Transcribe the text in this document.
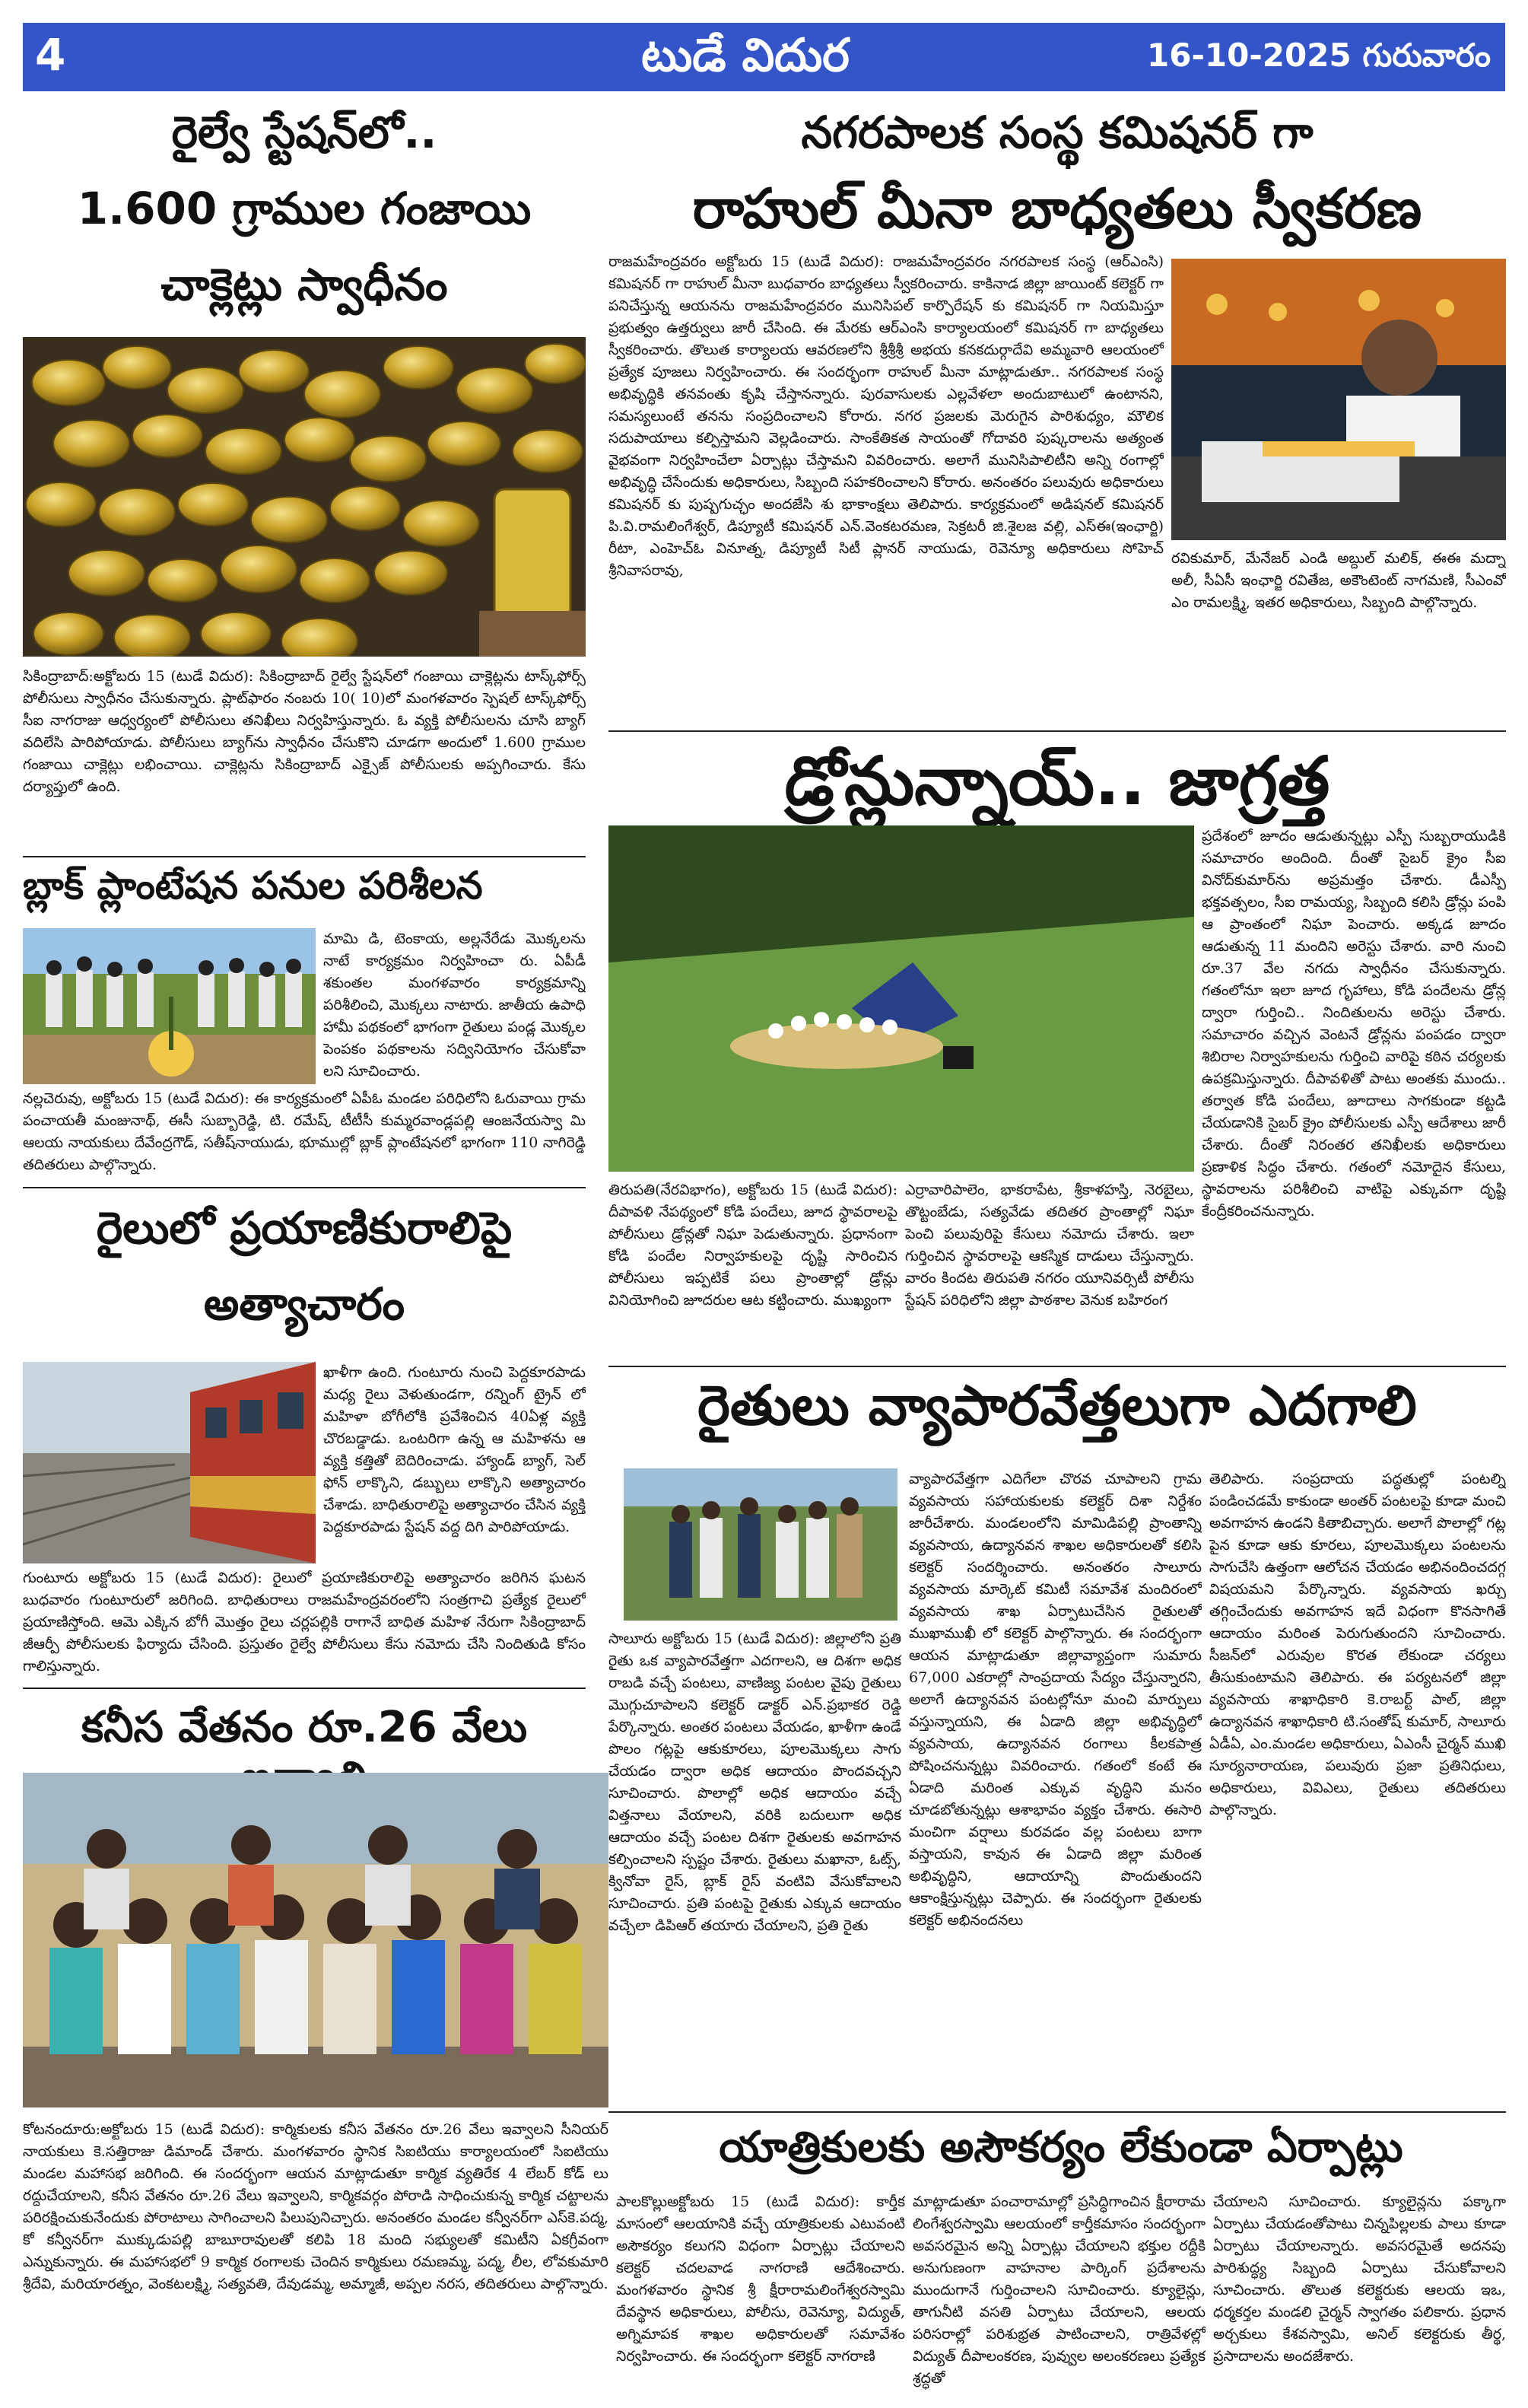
4	టుడే విదుర	16-10-2025 గురువారం
రైల్వే స్టేషన్‌లో..
1.600 గ్రాముల గంజాయి
చాక్లెట్లు స్వాధీనం
సికింద్రాబాద్:అక్టోబరు 15 (టుడే విదుర): సికింద్రాబాద్ రైల్వే స్టేషన్‌లో గంజాయి చాక్లెట్లను టాస్క్‌ఫోర్స్ పోలీసులు స్వాధీనం చేసుకున్నారు. ప్లాట్‌ఫారం నంబరు 10( 10)లో మంగళవారం స్పెషల్ టాస్క్‌ఫోర్స్ సీఐ నాగరాజు ఆధ్వర్యంలో పోలీసులు తనిఖీలు నిర్వహిస్తున్నారు. ఓ వ్యక్తి పోలీసులను చూసి బ్యాగ్ వదిలేసి పారిపోయాడు. పోలీసులు బ్యాగ్‌ను స్వాధీనం చేసుకొని చూడగా అందులో 1.600 గ్రాముల గంజాయి చాక్లెట్లు లభించాయి. చాక్లెట్లను సికింద్రాబాద్ ఎక్సైజ్ పోలీసులకు అప్పగించారు. కేసు దర్యాప్తులో ఉంది.
బ్లాక్ ప్లాంటేషన పనుల పరిశీలన
మామి డి, టెంకాయ, అల్లనేరేడు మొక్కలను నాటే కార్యక్రమం నిర్వహించా రు. ఏపీడీ శకుంతల మంగళవారం కార్యక్రమాన్ని పరిశీలించి, మొక్కలు నాటారు. జాతీయ ఉపాధి హామీ పథకంలో భాగంగా రైతులు పండ్ల మొక్కల పెంపకం పథకాలను సద్వినియోగం చేసుకోవా లని సూచించారు.
నల్లచెరువు, అక్టోబరు 15 (టుడే విదుర): ఈ కార్యక్రమంలో ఏపీఓ మండల పరిధిలోని ఓరువాయి గ్రామ పంచాయతీ మంజునాథ్, ఈసీ సుబ్బారెడ్డి, టి. రమేష్, టీటీసీ కుమ్మరవాండ్లపల్లి ఆంజనేయస్వా మి ఆలయ నాయకులు దేవేంద్రగౌడ్, సతీష్‌నాయుడు, భూముల్లో బ్లాక్ ప్లాంటేషనలో భాగంగా 110 నాగిరెడ్డి తదితరులు పాల్గొన్నారు.
రైలులో ప్రయాణికురాలిపై
అత్యాచారం
ఖాళీగా ఉంది. గుంటూరు నుంచి పెద్దకూరపాడు మధ్య రైలు వెళుతుండగా, రన్నింగ్ ట్రైన్ లో మహిళా బోగీలోకి ప్రవేశించిన 40ఏళ్ల వ్యక్తి చొరబడ్డాడు. ఒంటరిగా ఉన్న ఆ మహిళను ఆ వ్యక్తి కత్తితో బెదిరించాడు. హ్యాండ్ బ్యాగ్, సెల్ ఫోన్ లాక్కొని, డబ్బులు లాక్కొని అత్యాచారం చేశాడు. బాధితురాలిపై అత్యాచారం చేసిన వ్యక్తి పెద్దకూరపాడు స్టేషన్ వద్ద దిగి పారిపోయాడు.
గుంటూరు అక్టోబరు 15 (టుడే విదుర): రైలులో ప్రయాణికురాలిపై అత్యాచారం జరిగిన ఘటన బుధవారం గుంటూరులో జరిగింది. బాధితురాలు రాజమహేంద్రవరంలోని సంత్రగాచి ప్రత్యేక రైలులో ప్రయాణిస్తోంది. ఆమె ఎక్కిన బోగీ మొత్తం రైలు చర్లపల్లికి రాగానే బాధిత మహిళ నేరుగా సికింద్రాబాద్ జీఆర్పీ పోలీసులకు ఫిర్యాదు చేసింది. ప్రస్తుతం రైల్వే పోలీసులు కేసు నమోదు చేసి నిందితుడి కోసం గాలిస్తున్నారు.
కనీస వేతనం రూ.26 వేలు
కోటనందూరు:అక్టోబరు 15 (టుడే విదుర): కార్మికులకు కనీస వేతనం రూ.26 వేలు ఇవ్వాలని సీనియర్ నాయకులు కె.సత్తిరాజు డిమాండ్ చేశారు. మంగళవారం స్థానిక సిఐటియు కార్యాలయంలో సిఐటియు మండల మహాసభ జరిగింది. ఈ సందర్భంగా ఆయన మాట్లాడుతూ కార్మిక వ్యతిరేక 4 లేబర్ కోడ్ లు రద్దుచేయాలని, కనీస వేతనం రూ.26 వేలు ఇవ్వాలని, కార్మికవర్గం పోరాడి సాధించుకున్న కార్మిక చట్టాలను పరిరక్షించుకునేందుకు పోరాటాలు సాగించాలని పిలుపునిచ్చారు. అనంతరం మండల కన్వీనర్‌గా ఎస్‌కె.పద్మ, కో కన్వీనర్‌గా ముక్కుడుపల్లి బాబూరావులతో కలిపి 18 మంది సభ్యులతో కమిటీని ఏకగ్రీవంగా ఎన్నుకున్నారు. ఈ మహాసభలో 9 కార్మిక రంగాలకు చెందిన కార్మికులు రమణమ్మ, పద్మ, లీల, లోవకుమారి శ్రీదేవి, మరియారత్నం, వెంకటలక్ష్మి, సత్యవతి, దేవుడమ్మ, అమ్మాజీ, అప్పల నరస, తదితరులు పాల్గొన్నారు.
నగరపాలక సంస్థ కమిషనర్ గా
రాహుల్ మీనా బాధ్యతలు స్వీకరణ
రాజమహేంద్రవరం అక్టోబరు 15 (టుడే విదుర): రాజమహేంద్రవరం నగరపాలక సంస్థ (ఆర్ఎంసి) కమిషనర్ గా రాహుల్ మీనా బుధవారం బాధ్యతలు స్వీకరించారు. కాకినాడ జిల్లా జాయింట్ కలెక్టర్ గా పనిచేస్తున్న ఆయనను రాజమహేంద్రవరం మునిసిపల్ కార్పొరేషన్ కు కమిషనర్ గా నియమిస్తూ ప్రభుత్వం ఉత్తర్వులు జారీ చేసింది. ఈ మేరకు ఆర్ఎంసి కార్యాలయంలో కమిషనర్ గా బాధ్యతలు స్వీకరించారు. తొలుత కార్యాలయ ఆవరణలోని శ్రీశ్రీశ్రీ అభయ కనకదుర్గాదేవి అమ్మవారి ఆలయంలో ప్రత్యేక పూజలు నిర్వహించారు. ఈ సందర్భంగా రాహుల్ మీనా మాట్లాడుతూ.. నగరపాలక సంస్థ అభివృద్ధికి తనవంతు కృషి చేస్తానన్నారు. పురవాసులకు ఎల్లవేళలా అందుబాటులో ఉంటానని, సమస్యలుంటే తనను సంప్రదించాలని కోరారు. నగర ప్రజలకు మెరుగైన పారిశుధ్యం, మౌలిక సదుపాయాలు కల్పిస్తామని వెల్లడించారు. సాంకేతికత సాయంతో గోదావరి పుష్కరాలను అత్యంత వైభవంగా నిర్వహించేలా ఏర్పాట్లు చేస్తామని వివరించారు. అలాగే మునిసిపాలిటీని అన్ని రంగాల్లో అభివృద్ధి చేసేందుకు అధికారులు, సిబ్బంది సహకరించాలని కోరారు. అనంతరం పలువురు అధికారులు కమిషనర్ కు పుష్పగుచ్ఛం అందజేసి శు భాకాంక్షలు తెలిపారు. కార్యక్రమంలో అడిషనల్ కమిషనర్ పి.వి.రామలింగేశ్వర్, డిప్యూటీ కమిషనర్ ఎన్.వెంకటరమణ, సెక్రటరీ జి.శైలజ వల్లి, ఎస్ఈ(ఇంఛార్జి) రీటా, ఎంహెచ్ఓ వినూత్న, డిప్యూటీ సిటీ ప్లానర్ నాయుడు, రెవెన్యూ అధికారులు సోహెచ్ శ్రీనివాసరావు,
రవికుమార్, మేనేజర్ ఎండి అబ్దుల్ మలిక్, ఈఈ మద్నా అలీ, సీఏసీ ఇంఛార్జి రవితేజ, అకౌంటెంట్ నాగమణి, సీఎంవో ఎం రామలక్ష్మి, ఇతర అధికారులు, సిబ్బంది పాల్గొన్నారు.
డ్రోన్లున్నాయ్‌.. జాగ్రత్త
ప్రదేశంలో జూదం ఆడుతున్నట్లు ఎస్పీ సుబ్బరాయుడికి సమాచారం అందింది. దీంతో సైబర్ క్రైం సీఐ వినోద్‌కుమార్‌ను అప్రమత్తం చేశారు. డీఎస్పీ భక్తవత్సలం, సీఐ రామయ్య, సిబ్బంది కలిసి డ్రోన్లు పంపి ఆ ప్రాంతంలో నిఘా పెంచారు. అక్కడ జూదం ఆడుతున్న 11 మందిని అరెస్టు చేశారు. వారి నుంచి రూ.37 వేల నగదు స్వాధీనం చేసుకున్నారు. గతంలోనూ ఇలా జూద గృహాలు, కోడి పందేలను డ్రోన్ల ద్వారా గుర్తించి.. నిందితులను అరెస్టు చేశారు. సమాచారం వచ్చిన వెంటనే డ్రోన్లను పంపడం ద్వారా శిబిరాల నిర్వాహకులను గుర్తించి వారిపై కఠిన చర్యలకు ఉపక్రమిస్తున్నారు. దీపావళితో పాటు అంతకు ముందు.. తర్వాత కోడి పందేలు, జూదాలు సాగకుండా కట్టడి చేయడానికి సైబర్ క్రైం పోలీసులకు ఎస్పీ ఆదేశాలు జారీ చేశారు. దీంతో నిరంతర తనిఖీలకు అధికారులు ప్రణాళిక సిద్ధం చేశారు. గతంలో నమోదైన కేసులు, స్థావరాలను పరిశీలించి వాటిపై ఎక్కువగా దృష్టి కేంద్రీకరించనున్నారు.
తిరుపతి(నేరవిభాగం), అక్టోబరు 15 (టుడే విదుర): దీపావళి నేపథ్యంలో కోడి పందేలు, జూద స్థావరాలపై పోలీసులు డ్రోన్లతో నిఘా పెడుతున్నారు. ప్రధానంగా కోడి పందేల నిర్వాహకులపై దృష్టి సారించిన పోలీసులు ఇప్పటికే పలు ప్రాంతాల్లో డ్రోన్లు వినియోగించి జూదరుల ఆట కట్టించారు. ముఖ్యంగా
ఎర్రావారిపాలెం, భాకరాపేట, శ్రీకాళహస్తి, నెరబైలు, తొట్టంబేడు, సత్యవేడు తదితర ప్రాంతాల్లో నిఘా పెంచి పలువురిపై కేసులు నమోదు చేశారు. ఇలా గుర్తించిన స్థావరాలపై ఆకస్మిక దాడులు చేస్తున్నారు. వారం కిందట తిరుపతి నగరం యూనివర్సిటీ పోలీసు స్టేషన్ పరిధిలోని జిల్లా పాఠశాల వెనుక బహిరంగ
రైతులు వ్యాపారవేత్తలుగా ఎదగాలి
సాలూరు అక్టోబరు 15 (టుడే విదుర): జిల్లాలోని ప్రతి రైతు ఒక వ్యాపారవేత్తగా ఎదగాలని, ఆ దిశగా అధిక రాబడి వచ్చే పంటలు, వాణిజ్య పంటల వైపు రైతులు మొగ్గుచూపాలని కలెక్టర్ డాక్టర్ ఎన్.ప్రభాకర రెడ్డి పేర్కొన్నారు. అంతర పంటలు వేయడం, ఖాళీగా ఉండే పొలం గట్లపై ఆకుకూరలు, పూలమొక్కలు సాగు చేయడం ద్వారా అధిక ఆదాయం పొందవచ్చని సూచించారు. పొలాల్లో అధిక ఆదాయం వచ్చే విత్తనాలు వేయాలని, వరికి బదులుగా అధిక ఆదాయం వచ్చే పంటల దిశగా రైతులకు అవగాహన కల్పించాలని స్పష్టం చేశారు. రైతులు మఖానా, ఓట్స్, క్వినోవా రైస్, బ్లాక్ రైస్ వంటివి వేసుకోవాలని సూచించారు. ప్రతి పంటపై రైతుకు ఎక్కువ ఆదాయం వచ్చేలా డిపిఆర్ తయారు చేయాలని, ప్రతి రైతు
వ్యాపారవేత్తగా ఎదిగేలా చొరవ చూపాలని గ్రామ వ్యవసాయ సహాయకులకు కలెక్టర్ దిశా నిర్దేశం జారీచేశారు. మండలంలోని మామిడిపల్లి ప్రాంతాన్ని వ్యవసాయ, ఉద్యానవన శాఖల అధికారులతో కలిసి కలెక్టర్ సందర్శించారు. అనంతరం సాలూరు వ్యవసాయ మార్కెట్ కమిటీ సమావేశ మందిరంలో వ్యవసాయ శాఖ ఏర్పాటుచేసిన రైతులతో ముఖాముఖీ లో కలెక్టర్ పాల్గొన్నారు. ఈ సందర్భంగా ఆయన మాట్లాడుతూ జిల్లావ్యాప్తంగా సుమారు 67,000 ఎకరాల్లో సాంప్రదాయ సేద్యం చేస్తున్నారని, అలాగే ఉద్యానవన పంటల్లోనూ మంచి మార్పులు వస్తున్నాయని, ఈ ఏడాది జిల్లా అభివృద్ధిలో వ్యవసాయ, ఉద్యానవన రంగాలు కీలకపాత్ర పోషించనున్నట్లు వివరించారు. గతంలో కంటే ఈ ఏడాది మరింత ఎక్కువ వృద్ధిని మనం చూడబోతున్నట్లు ఆశాభావం వ్యక్తం చేశారు. ఈసారి మంచిగా వర్షాలు కురవడం వల్ల పంటలు బాగా వస్తాయని, కావున ఈ ఏడాది జిల్లా మరింత అభివృద్ధిని, ఆదాయాన్ని పొందుతుందని ఆకాంక్షిస్తున్నట్లు చెప్పారు. ఈ సందర్భంగా రైతులకు కలెక్టర్ అభినందనలు
తెలిపారు. సంప్రదాయ పద్ధతుల్లో పంటల్ని పండించడమే కాకుండా అంతర్ పంటలపై కూడా మంచి అవగాహన ఉండని కితాబిచ్చారు. అలాగే పొలాల్లో గట్ల పైన కూడా ఆకు కూరలు, పూలమొక్కలు పంటలను సాగుచేసి ఉత్తంగా ఆలోచన చేయడం అభినందించదగ్గ విషయమని పేర్కొన్నారు. వ్యవసాయ ఖర్చు తగ్గించేందుకు అవగాహన ఇదే విధంగా కొనసాగితే ఆదాయం మరింత పెరుగుతుందని సూచించారు. సీజన్‌లో ఎరువుల కొరత లేకుండా చర్యలు తీసుకుంటామని తెలిపారు. ఈ పర్యటనలో జిల్లా వ్యవసాయ శాఖాధికారి కె.రాబర్ట్ పాల్, జిల్లా ఉద్యానవన శాఖాధికారి టి.సంతోష్ కుమార్, సాలూరు ఏడీఏ, ఎం.మండల అధికారులు, ఏఎంసీ చైర్మన్ ముఖి సూర్యనారాయణ, పలువురు ప్రజా ప్రతినిధులు, అధికారులు, వివిఎలు, రైతులు తదితరులు పాల్గొన్నారు.
యాత్రికులకు అసౌకర్యం లేకుండా ఏర్పాట్లు
పాలకొల్లుఅక్టోబరు 15 (టుడే విదుర): కార్తీక మాసంలో ఆలయానికి వచ్చే యాత్రికులకు ఎటువంటి అసౌకర్యం కలుగని విధంగా ఏర్పాట్లు చేయాలని కలెక్టర్ చదలవాడ నాగరాణి ఆదేశించారు. మంగళవారం స్థానిక శ్రీ క్షీరారామలింగేశ్వరస్వామి దేవస్థాన అధికారులు, పోలీసు, రెవెన్యూ, విద్యుత్, అగ్నిమాపక శాఖల అధికారులతో సమావేశం నిర్వహించారు. ఈ సందర్భంగా కలెక్టర్ నాగరాణి
మాట్లాడుతూ పంచారామాల్లో ప్రసిద్ధిగాంచిన క్షీరారామ లింగేశ్వరస్వామి ఆలయంలో కార్తీకమాసం సందర్భంగా అవసరమైన అన్ని ఏర్పాట్లు చేయాలని భక్తుల రద్దీకి అనుగుణంగా వాహనాల పార్కింగ్ ప్రదేశాలను ముందుగానే గుర్తించాలని సూచించారు. క్యూలైన్లు, తాగునీటి వసతి ఏర్పాటు చేయాలని, ఆలయ పరిసరాల్లో పరిశుభ్రత పాటించాలని, రాత్రివేళల్లో విద్యుత్ దీపాలంకరణ, పువ్వుల అలంకరణలు ప్రత్యేక శ్రద్ధతో
చేయాలని సూచించారు. క్యూలైన్లను పక్కాగా ఏర్పాటు చేయడంతోపాటు చిన్నపిల్లలకు పాలు కూడా ఏర్పాటు చేయాలన్నారు. అవసరమైతే అదనపు పారిశుద్ధ్య సిబ్బంది ఏర్పాటు చేసుకోవాలని సూచించారు. తొలుత కలెక్టరుకు ఆలయ ఇఒ, ధర్మకర్తల మండలి చైర్మన్ స్వాగతం పలికారు. ప్రధాన అర్చకులు కేశవస్వామి, అనిల్ కలెక్టరుకు తీర్థ, ప్రసాదాలను అందజేశారు.
